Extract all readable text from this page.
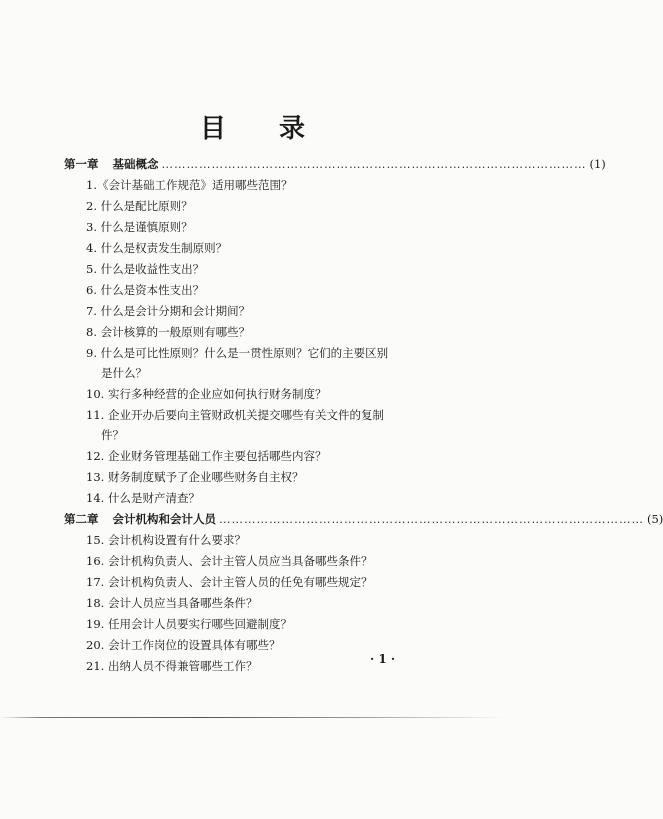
目 录
第一章 基础概念 ………………………………………………………………………………………… (1)
1.《会计基础工作规范》适用哪些范围？
2. 什么是配比原则？
3. 什么是谨慎原则？
4. 什么是权责发生制原则？
5. 什么是收益性支出？
6. 什么是资本性支出？
7. 什么是会计分期和会计期间？
8. 会计核算的一般原则有哪些？
9. 什么是可比性原则？什么是一贯性原则？它们的主要区别
是什么？
10. 实行多种经营的企业应如何执行财务制度？
11. 企业开办后要向主管财政机关提交哪些有关文件的复制
件？
12. 企业财务管理基础工作主要包括哪些内容？
13. 财务制度赋予了企业哪些财务自主权？
14. 什么是财产清查？
第二章 会计机构和会计人员 ………………………………………………………………………………………… (5)
15. 会计机构设置有什么要求？
16. 会计机构负责人、会计主管人员应当具备哪些条件？
17. 会计机构负责人、会计主管人员的任免有哪些规定？
18. 会计人员应当具备哪些条件？
19. 任用会计人员要实行哪些回避制度？
20. 会计工作岗位的设置具体有哪些？
21. 出纳人员不得兼管哪些工作？	· 1 ·
